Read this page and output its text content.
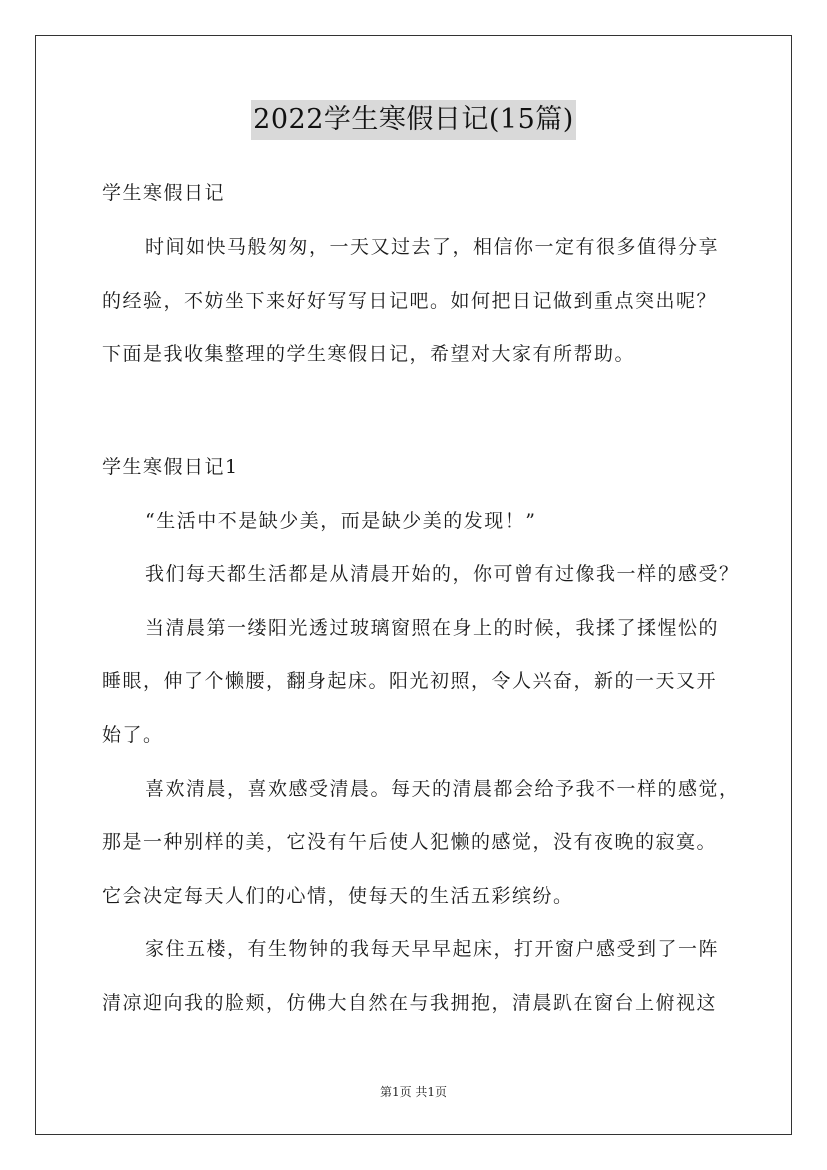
2022学生寒假日记(15篇)
学生寒假日记
时间如快马般匆匆，一天又过去了，相信你一定有很多值得分享
的经验，不妨坐下来好好写写日记吧。如何把日记做到重点突出呢？
下面是我收集整理的学生寒假日记，希望对大家有所帮助。
学生寒假日记1
“生活中不是缺少美，而是缺少美的发现！”
我们每天都生活都是从清晨开始的，你可曾有过像我一样的感受？
当清晨第一缕阳光透过玻璃窗照在身上的时候，我揉了揉惺忪的
睡眼，伸了个懒腰，翻身起床。阳光初照，令人兴奋，新的一天又开
始了。
喜欢清晨，喜欢感受清晨。每天的清晨都会给予我不一样的感觉，
那是一种别样的美，它没有午后使人犯懒的感觉，没有夜晚的寂寞。
它会决定每天人们的心情，使每天的生活五彩缤纷。
家住五楼，有生物钟的我每天早早起床，打开窗户感受到了一阵
清凉迎向我的脸颊，仿佛大自然在与我拥抱，清晨趴在窗台上俯视这
第1页 共1页
